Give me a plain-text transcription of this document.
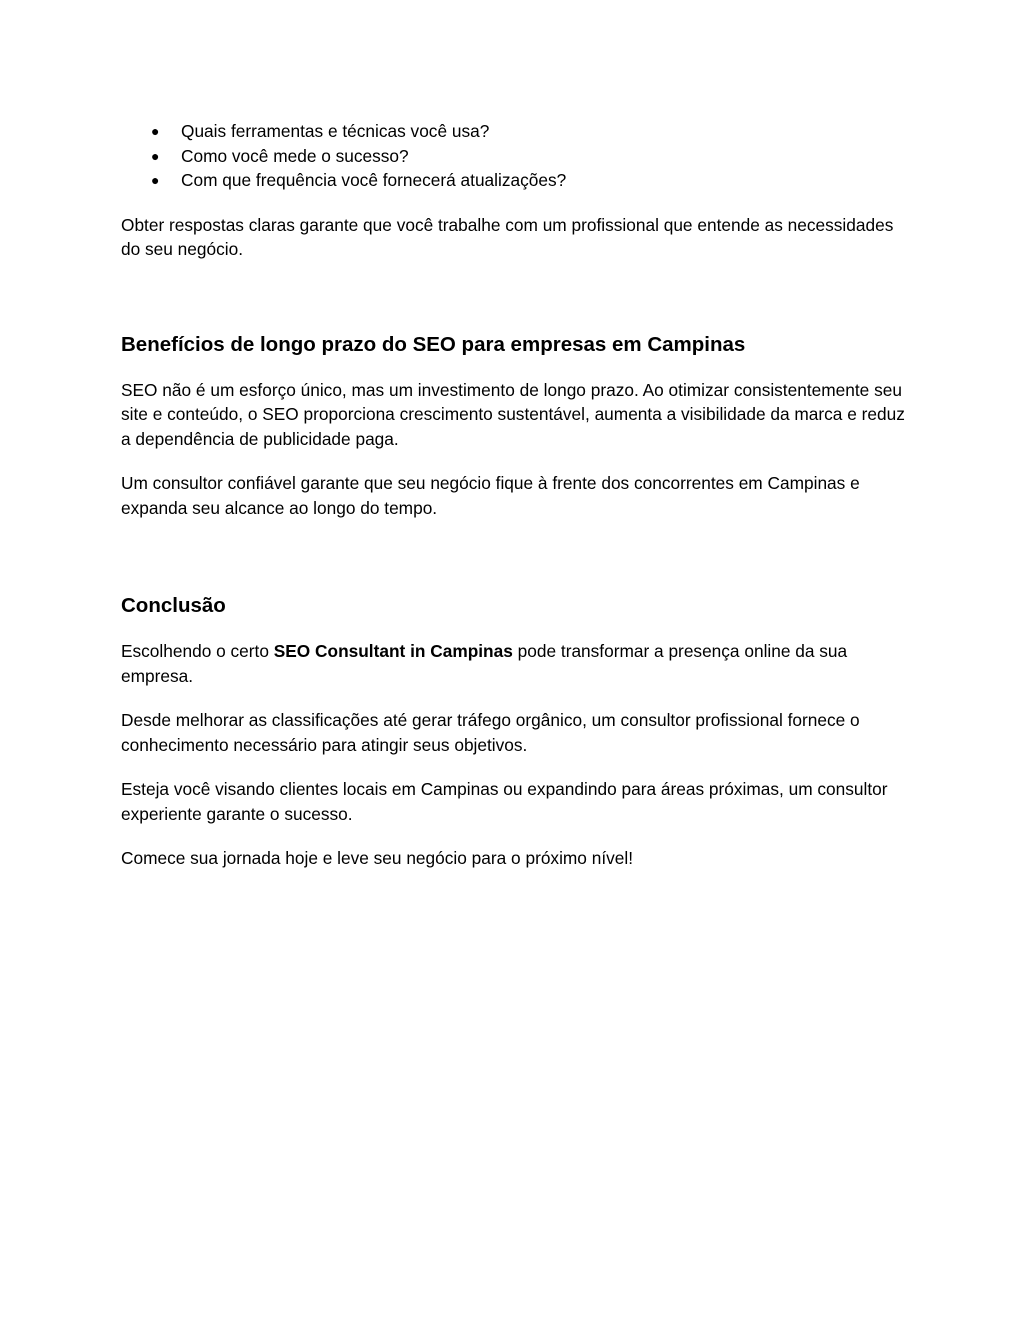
● Quais ferramentas e técnicas você usa?
● Como você mede o sucesso?
● Com que frequência você fornecerá atualizações?

Obter respostas claras garante que você trabalhe com um profissional que entende as necessidades do seu negócio.

Benefícios de longo prazo do SEO para empresas em Campinas

SEO não é um esforço único, mas um investimento de longo prazo. Ao otimizar consistentemente seu site e conteúdo, o SEO proporciona crescimento sustentável, aumenta a visibilidade da marca e reduz a dependência de publicidade paga.

Um consultor confiável garante que seu negócio fique à frente dos concorrentes em Campinas e expanda seu alcance ao longo do tempo.

Conclusão

Escolhendo o certo SEO Consultant in Campinas pode transformar a presença online da sua empresa.

Desde melhorar as classificações até gerar tráfego orgânico, um consultor profissional fornece o conhecimento necessário para atingir seus objetivos.

Esteja você visando clientes locais em Campinas ou expandindo para áreas próximas, um consultor experiente garante o sucesso.

Comece sua jornada hoje e leve seu negócio para o próximo nível!
